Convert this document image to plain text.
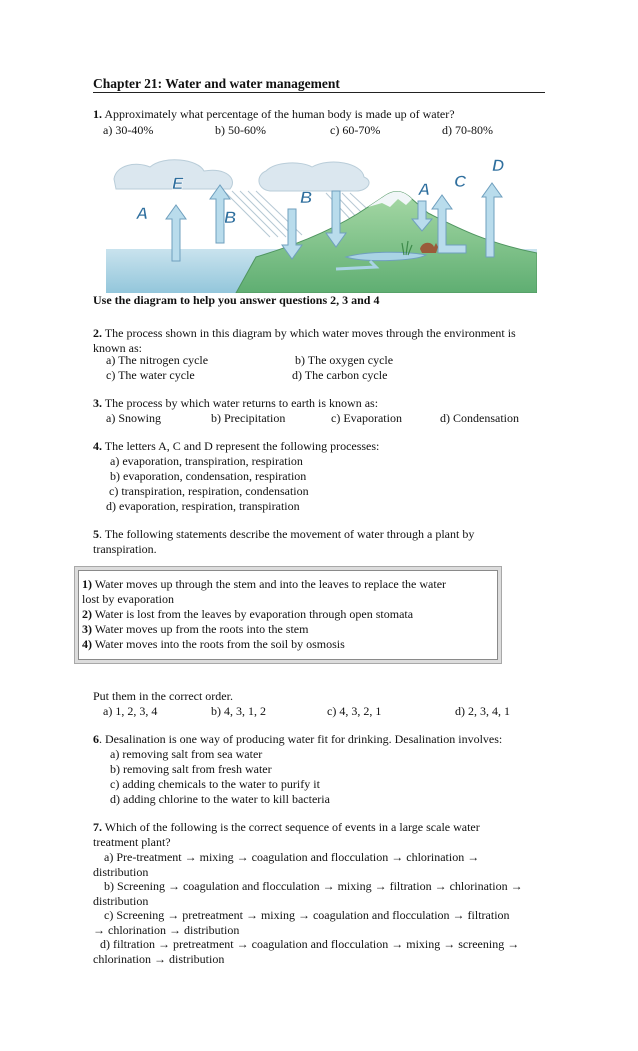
Chapter 21: Water and water management
1. Approximately what percentage of the human body is made up of water?
a) 30-40%	b) 50-60%	c) 60-70%	d) 70-80%
A
E
B
B	A C
D
Use the diagram to help you answer questions 2, 3 and 4
2. The process shown in this diagram by which water moves through the environment is
known as:
a) The nitrogen cycle	b) The oxygen cycle
c) The water cycle	d) The carbon cycle
3. The process by which water returns to earth is known as:
a) Snowing	b) Precipitation	c) Evaporation	d) Condensation
4. The letters A, C and D represent the following processes:
a) evaporation, transpiration, respiration
b) evaporation, condensation, respiration
c) transpiration, respiration, condensation
d) evaporation, respiration, transpiration
5. The following statements describe the movement of water through a plant by
transpiration.
1) Water moves up through the stem and into the leaves to replace the water
lost by evaporation
2) Water is lost from the leaves by evaporation through open stomata
3) Water moves up from the roots into the stem
4) Water moves into the roots from the soil by osmosis
Put them in the correct order.
a) 1, 2, 3, 4	b) 4, 3, 1, 2	c) 4, 3, 2, 1	d) 2, 3, 4, 1
6. Desalination is one way of producing water fit for drinking. Desalination involves:
a) removing salt from sea water
b) removing salt from fresh water
c) adding chemicals to the water to purify it
d) adding chlorine to the water to kill bacteria
7. Which of the following is the correct sequence of events in a large scale water
treatment plant?
a) Pre-treatment → mixing → coagulation and flocculation → chlorination →
distribution
b) Screening → coagulation and flocculation → mixing → filtration → chlorination →
distribution
c) Screening → pretreatment → mixing → coagulation and flocculation → filtration
→ chlorination → distribution
d) filtration → pretreatment → coagulation and flocculation → mixing → screening →
chlorination → distribution
